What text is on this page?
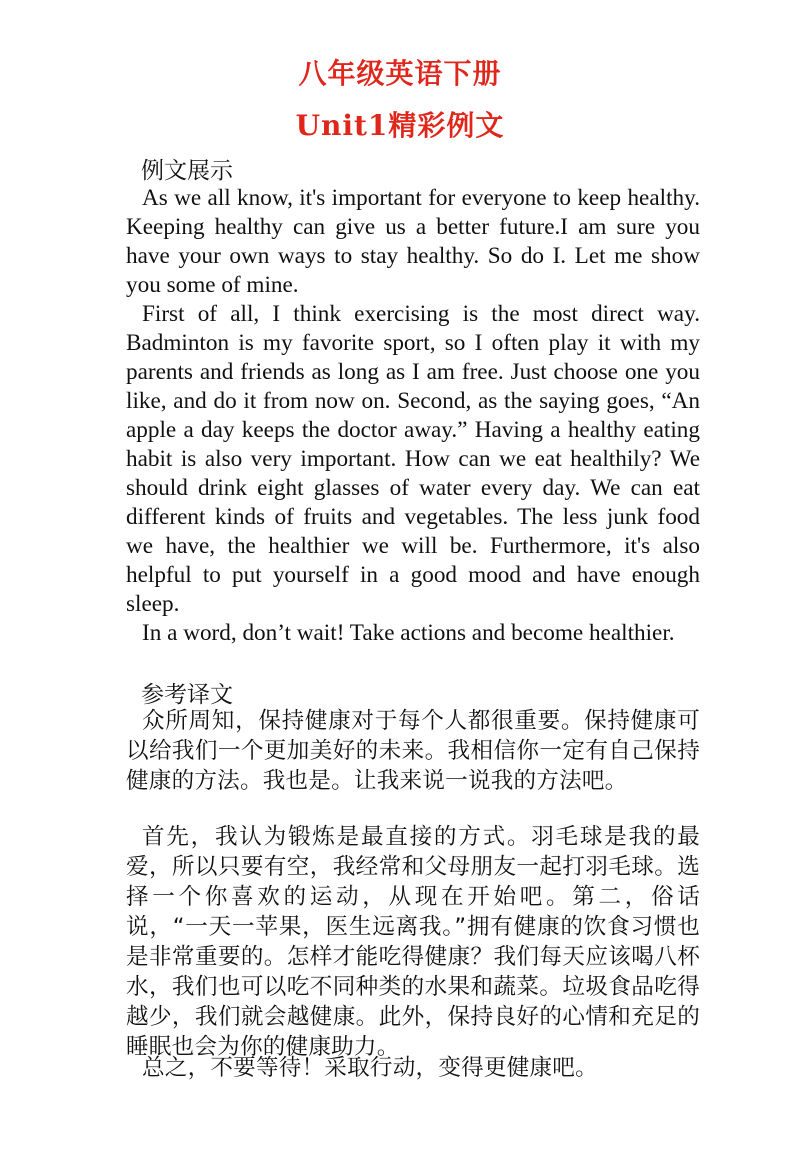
八年级英语下册
Unit1精彩例文
例文展示

As we all know, it's important for everyone to keep healthy. Keeping healthy can give us a better future.I am sure you have your own ways to stay healthy. So do I. Let me show you some of mine.

First of all, I think exercising is the most direct way. Badminton is my favorite sport, so I often play it with my parents and friends as long as I am free. Just choose one you like, and do it from now on. Second, as the saying goes, “An apple a day keeps the doctor away.” Having a healthy eating habit is also very important. How can we eat healthily? We should drink eight glasses of water every day. We can eat different kinds of fruits and vegetables. The less junk food we have, the healthier we will be. Furthermore, it's also helpful to put yourself in a good mood and have enough sleep.

In a word, don’t wait! Take actions and become healthier.

参考译文

众所周知，保持健康对于每个人都很重要。保持健康可以给我们一个更加美好的未来。我相信你一定有自己保持健康的方法。我也是。让我来说一说我的方法吧。

首先，我认为锻炼是最直接的方式。羽毛球是我的最爱，所以只要有空，我经常和父母朋友一起打羽毛球。选择一个你喜欢的运动，从现在开始吧。第二，俗话说，“一天一苹果，医生远离我。”拥有健康的饮食习惯也是非常重要的。怎样才能吃得健康？我们每天应该喝八杯水，我们也可以吃不同种类的水果和蔬菜。垃圾食品吃得越少，我们就会越健康。此外，保持良好的心情和充足的睡眠也会为你的健康助力。

总之，不要等待！采取行动，变得更健康吧。
